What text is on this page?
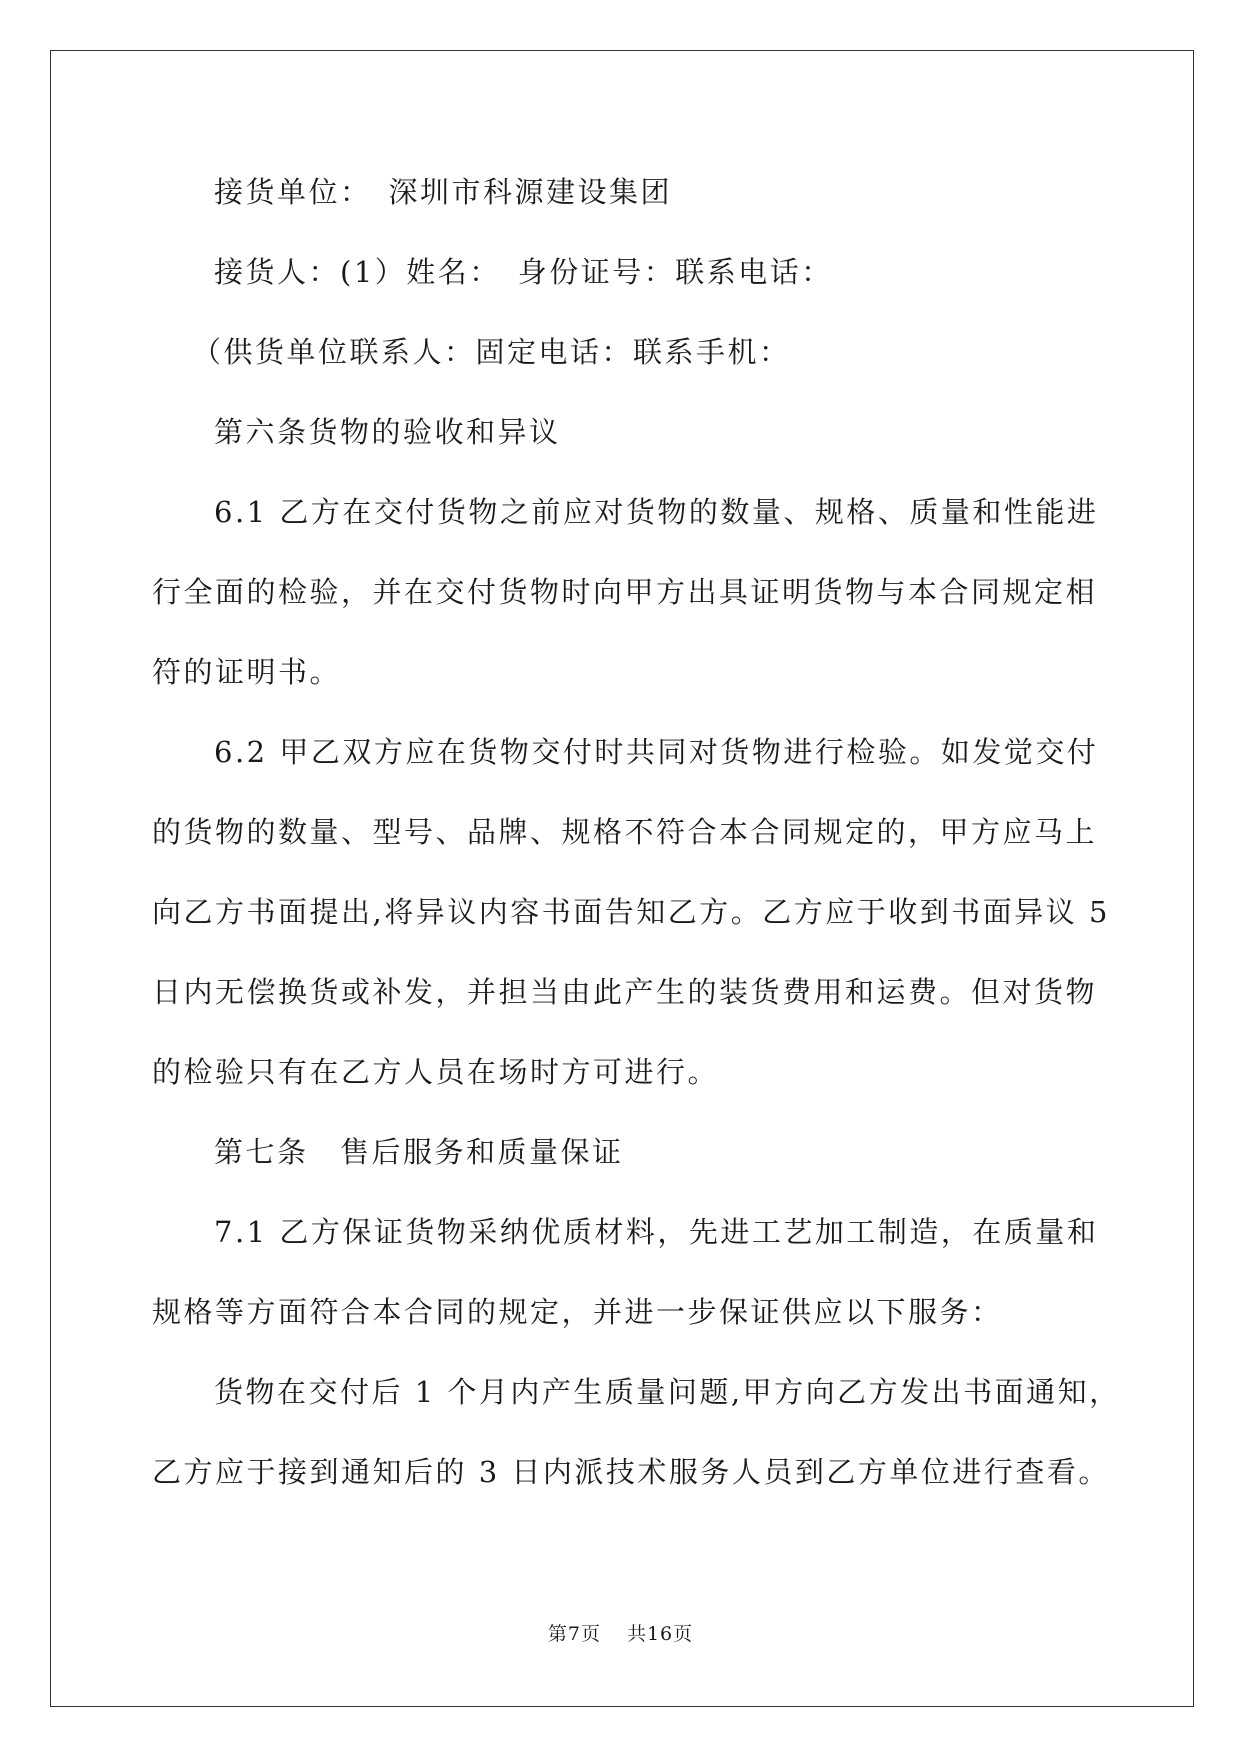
接货单位：　深圳市科源建设集团
接货人：(1）姓名：　身份证号：联系电话：
（供货单位联系人：固定电话：联系手机：
第六条货物的验收和异议
6.1 乙方在交付货物之前应对货物的数量、规格、质量和性能进
行全面的检验，并在交付货物时向甲方出具证明货物与本合同规定相
符的证明书。
6.2 甲乙双方应在货物交付时共同对货物进行检验。如发觉交付
的货物的数量、型号、品牌、规格不符合本合同规定的，甲方应马上
向乙方书面提出,将异议内容书面告知乙方。乙方应于收到书面异议 5
日内无偿换货或补发，并担当由此产生的装货费用和运费。但对货物
的检验只有在乙方人员在场时方可进行。
第七条　售后服务和质量保证
7.1 乙方保证货物采纳优质材料，先进工艺加工制造，在质量和
规格等方面符合本合同的规定，并进一步保证供应以下服务：
货物在交付后 1 个月内产生质量问题,甲方向乙方发出书面通知，
乙方应于接到通知后的 3 日内派技术服务人员到乙方单位进行查看。
第7页 共16页
